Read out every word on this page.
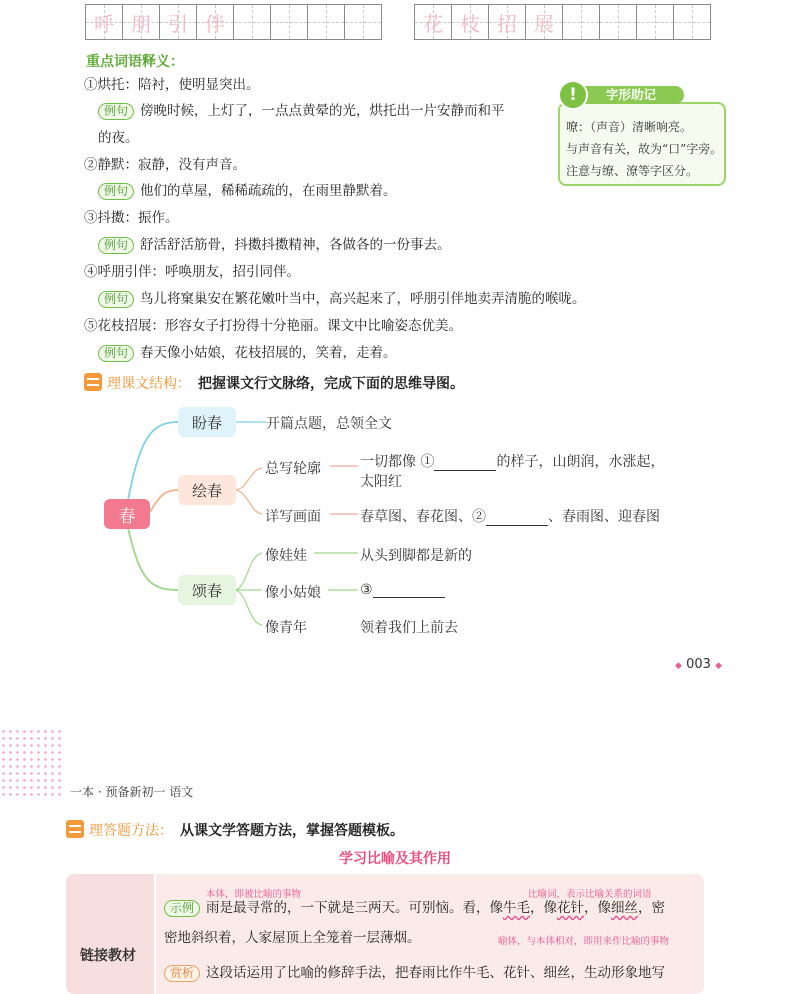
呼 朋 引 伴	花 枝 招 展
重点词语释义：
①烘托：陪衬，使明显突出。
例句 傍晚时候，上灯了，一点点黄晕的光，烘托出一片安静而和平
的夜。
②静默：寂静，没有声音。
例句 他们的草屋，稀稀疏疏的，在雨里静默着。
③抖擞：振作。
例句 舒活舒活筋骨，抖擞抖擞精神，各做各的一份事去。
④呼朋引伴：呼唤朋友，招引同伴。
例句 鸟儿将窠巢安在繁花嫩叶当中，高兴起来了，呼朋引伴地卖弄清脆的喉咙。
⑤花枝招展：形容女子打扮得十分艳丽。课文中比喻姿态优美。
例句 春天像小姑娘，花枝招展的，笑着，走着。
嘹：（声音）清晰响亮。
与声音有关，故为“口”字旁。
注意与缭、潦等字区分。
字形助记
!
理课文结构： 把握课文行文脉络，完成下面的思维导图。
春
盼春
绘春
颂春
开篇点题，总领全文
总写轮廓	一切都像 ①	的样子，山朗润，水涨起，
太阳红
详写画面	春草图、春花图、②	、春雨图、迎春图
像娃娃	从头到脚都是新的
像小姑娘	③
像青年	领着我们上前去
◆ 003 ◆
一本 · 预备新初一 语文
理答题方法： 从课文学答题方法，掌握答题模板。
学习比喻及其作用
链接教材
本体，即被比喻的事物	比喻词，表示比喻关系的词语
示例 雨是最寻常的，一下就是三两天。可别恼。看，像牛毛，像花针，像细丝，密
密地斜织着，人家屋顶上全笼着一层薄烟。	喻体，与本体相对，即用来作比喻的事物
赏析 这段话运用了比喻的修辞手法，把春雨比作牛毛、花针、细丝，生动形象地写
